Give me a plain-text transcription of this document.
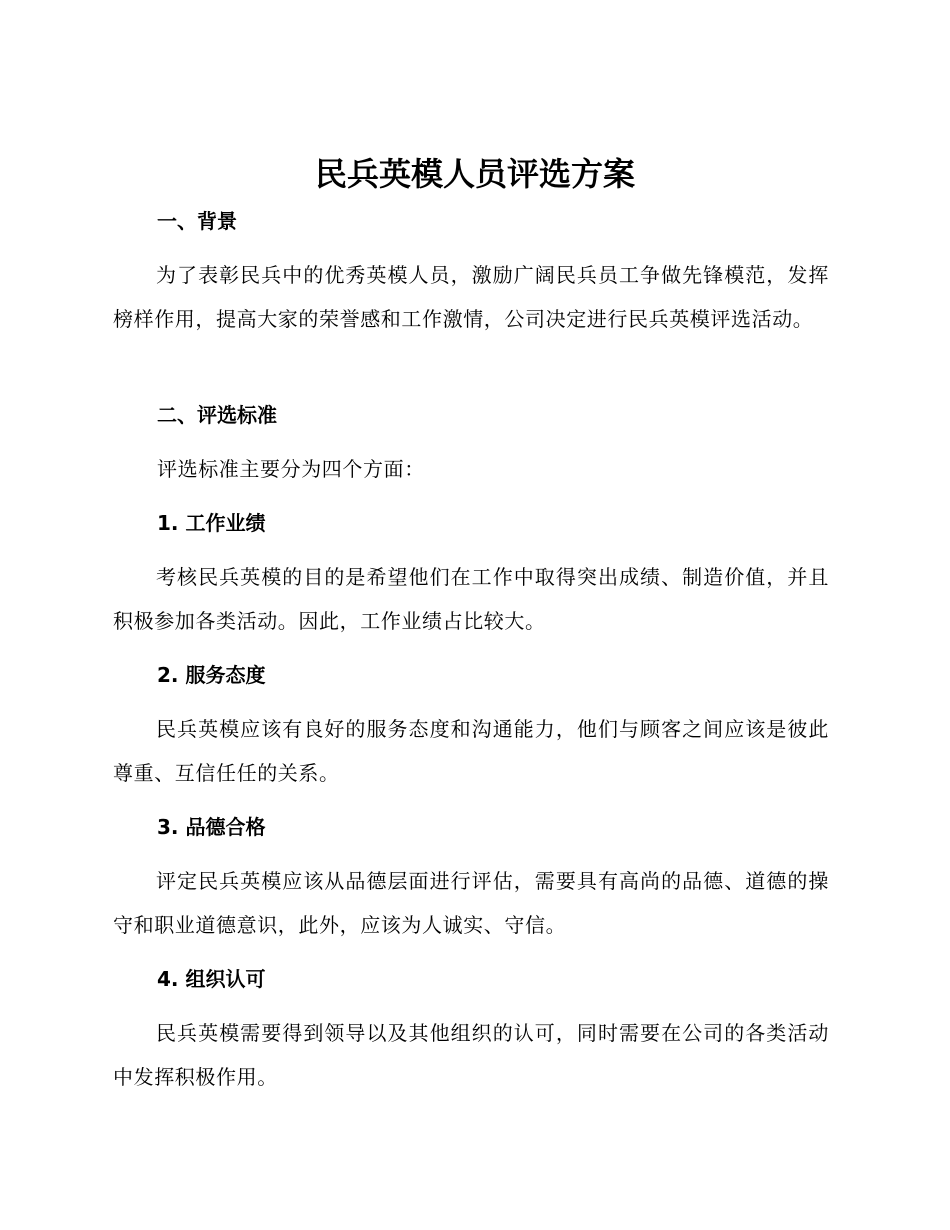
民兵英模人员评选方案
一、背景
为了表彰民兵中的优秀英模人员，激励广阔民兵员工争做先锋模范，发挥榜样作用，提高大家的荣誉感和工作激情，公司决定进行民兵英模评选活动。
二、评选标准
评选标准主要分为四个方面：
1. 工作业绩
考核民兵英模的目的是希望他们在工作中取得突出成绩、制造价值，并且积极参加各类活动。因此，工作业绩占比较大。
2. 服务态度
民兵英模应该有良好的服务态度和沟通能力，他们与顾客之间应该是彼此尊重、互信任任的关系。
3. 品德合格
评定民兵英模应该从品德层面进行评估，需要具有高尚的品德、道德的操守和职业道德意识，此外，应该为人诚实、守信。
4. 组织认可
民兵英模需要得到领导以及其他组织的认可，同时需要在公司的各类活动中发挥积极作用。
